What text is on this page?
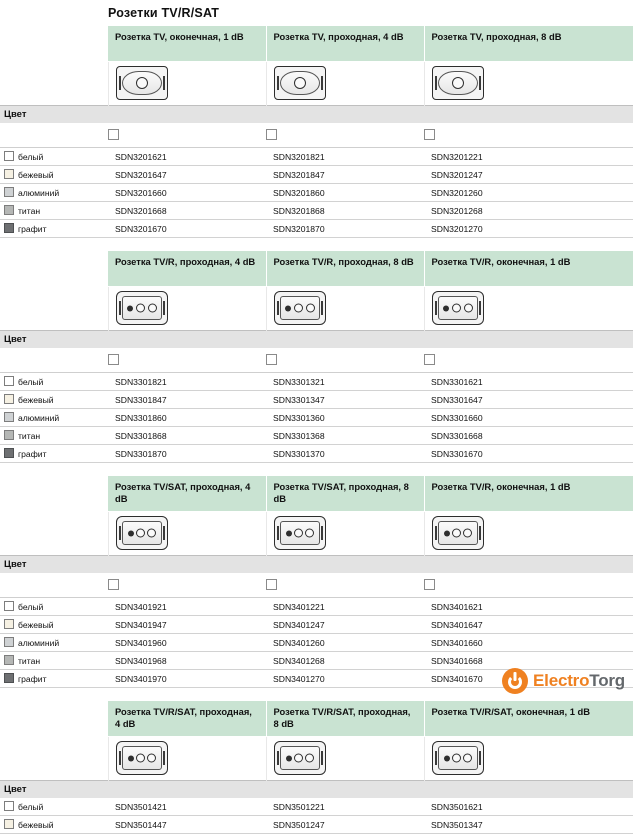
Розетки TV/R/SAT
	Розетка TV, оконечная, 1 dB	Розетка TV, проходная, 4 dB	Розетка TV, проходная, 8 dB

Цвет			

белый	SDN3201621	SDN3201821	SDN3201221
бежевый	SDN3201647	SDN3201847	SDN3201247
алюминий	SDN3201660	SDN3201860	SDN3201260
титан	SDN3201668	SDN3201868	SDN3201268
графит	SDN3201670	SDN3201870	SDN3201270

	Розетка TV/R, проходная, 4 dB	Розетка TV/R, проходная, 8 dB	Розетка TV/R, оконечная, 1 dB

Цвет			

белый	SDN3301821	SDN3301321	SDN3301621
бежевый	SDN3301847	SDN3301347	SDN3301647
алюминий	SDN3301860	SDN3301360	SDN3301660
титан	SDN3301868	SDN3301368	SDN3301668
графит	SDN3301870	SDN3301370	SDN3301670

	Розетка TV/SAT, проходная, 4 dB	Розетка TV/SAT, проходная, 8 dB	Розетка TV/R, оконечная, 1 dB

Цвет			

белый	SDN3401921	SDN3401221	SDN3401621
бежевый	SDN3401947	SDN3401247	SDN3401647
алюминий	SDN3401960	SDN3401260	SDN3401660
титан	SDN3401968	SDN3401268	SDN3401668
графит	SDN3401970	SDN3401270	SDN3401670

	Розетка TV/R/SAT, проходная, 4 dB	Розетка TV/R/SAT, проходная, 8 dB	Розетка TV/R/SAT, оконечная, 1 dB

Цвет			
белый	SDN3501421	SDN3501221	SDN3501621
бежевый	SDN3501447	SDN3501247	SDN3501347
ElectroTorg
